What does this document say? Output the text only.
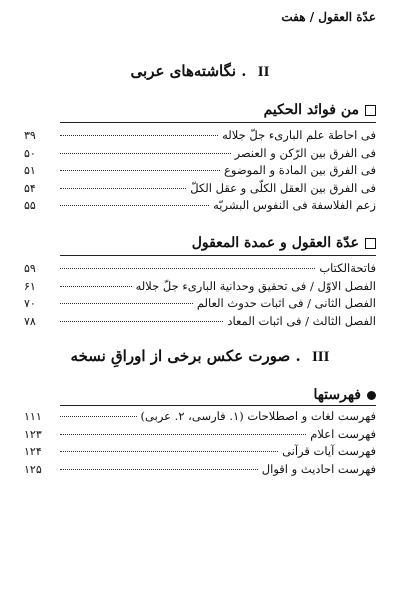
عدّة العقول / هفت
II . نگاشته‌های عربی
من فوائد الحکیم
فی احاطة علم الباری‌ء جلّ جلاله
۳۹
فی الفرق بین الرّکن و العنصر
۵۰
فی الفرق بین المادة و الموضوع
۵۱
فی الفرق بین العقل الکلّی و عقل الکلّ
۵۴
زعم الفلاسفة فی النفوس البشریّه
۵۵
عدّة العقول و عمدة المعقول
فاتحة‌الکتاب
۵۹
الفصل الاوّل / فی تحقیق وحدانیة الباری‌ء جلّ جلاله
۶۱
الفصل الثانی / فی اثبات حدوث العالم
۷۰
الفصل الثالث / فی اثبات المعاد
۷۸
III . صورت عکس برخی از اوراقِ نسخه
فهرستها
فهرست لغات و اصطلاحات (۱. فارسی، ۲. عربی)
۱۱۱
فهرست اعلام
۱۲۳
فهرست آیات قرآنی
۱۲۴
فهرست احادیث و اقوال
۱۲۵
